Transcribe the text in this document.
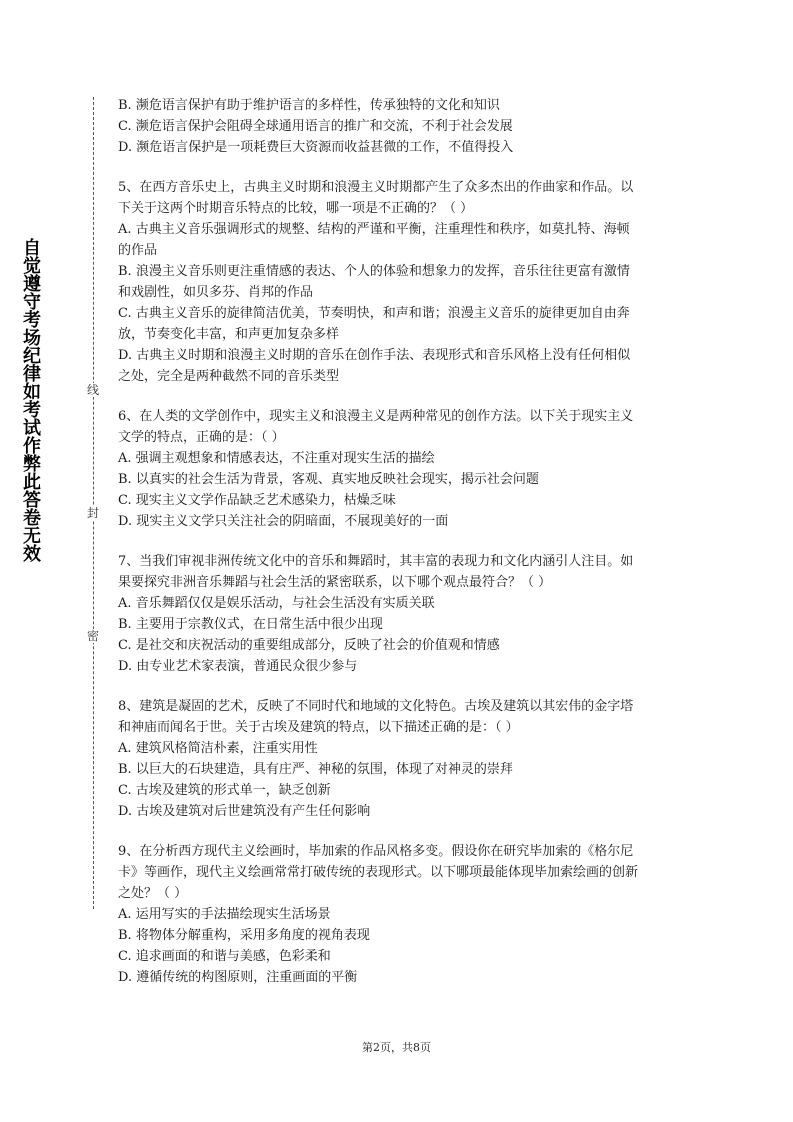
自觉遵守考场纪律如考试作弊此答卷无效	线
封
密
B. 濒危语言保护有助于维护语言的多样性，传承独特的文化和知识
C. 濒危语言保护会阻碍全球通用语言的推广和交流，不利于社会发展
D. 濒危语言保护是一项耗费巨大资源而收益甚微的工作，不值得投入
5、在西方音乐史上，古典主义时期和浪漫主义时期都产生了众多杰出的作曲家和作品。以
下关于这两个时期音乐特点的比较，哪一项是不正确的？（ ）
A. 古典主义音乐强调形式的规整、结构的严谨和平衡，注重理性和秩序，如莫扎特、海顿
的作品
B. 浪漫主义音乐则更注重情感的表达、个人的体验和想象力的发挥，音乐往往更富有激情
和戏剧性，如贝多芬、肖邦的作品
C. 古典主义音乐的旋律简洁优美，节奏明快，和声和谐；浪漫主义音乐的旋律更加自由奔
放，节奏变化丰富，和声更加复杂多样
D. 古典主义时期和浪漫主义时期的音乐在创作手法、表现形式和音乐风格上没有任何相似
之处，完全是两种截然不同的音乐类型
6、在人类的文学创作中，现实主义和浪漫主义是两种常见的创作方法。以下关于现实主义
文学的特点，正确的是：（ ）
A. 强调主观想象和情感表达，不注重对现实生活的描绘
B. 以真实的社会生活为背景，客观、真实地反映社会现实，揭示社会问题
C. 现实主义文学作品缺乏艺术感染力，枯燥乏味
D. 现实主义文学只关注社会的阴暗面，不展现美好的一面
7、当我们审视非洲传统文化中的音乐和舞蹈时，其丰富的表现力和文化内涵引人注目。如
果要探究非洲音乐舞蹈与社会生活的紧密联系，以下哪个观点最符合？（ ）
A. 音乐舞蹈仅仅是娱乐活动，与社会生活没有实质关联
B. 主要用于宗教仪式，在日常生活中很少出现
C. 是社交和庆祝活动的重要组成部分，反映了社会的价值观和情感
D. 由专业艺术家表演，普通民众很少参与
8、建筑是凝固的艺术，反映了不同时代和地域的文化特色。古埃及建筑以其宏伟的金字塔
和神庙而闻名于世。关于古埃及建筑的特点，以下描述正确的是：（ ）
A. 建筑风格简洁朴素，注重实用性
B. 以巨大的石块建造，具有庄严、神秘的氛围，体现了对神灵的崇拜
C. 古埃及建筑的形式单一，缺乏创新
D. 古埃及建筑对后世建筑没有产生任何影响
9、在分析西方现代主义绘画时，毕加索的作品风格多变。假设你在研究毕加索的《格尔尼
卡》等画作，现代主义绘画常常打破传统的表现形式。以下哪项最能体现毕加索绘画的创新
之处？（ ）
A. 运用写实的手法描绘现实生活场景
B. 将物体分解重构，采用多角度的视角表现
C. 追求画面的和谐与美感，色彩柔和
D. 遵循传统的构图原则，注重画面的平衡
第2页，共8页
